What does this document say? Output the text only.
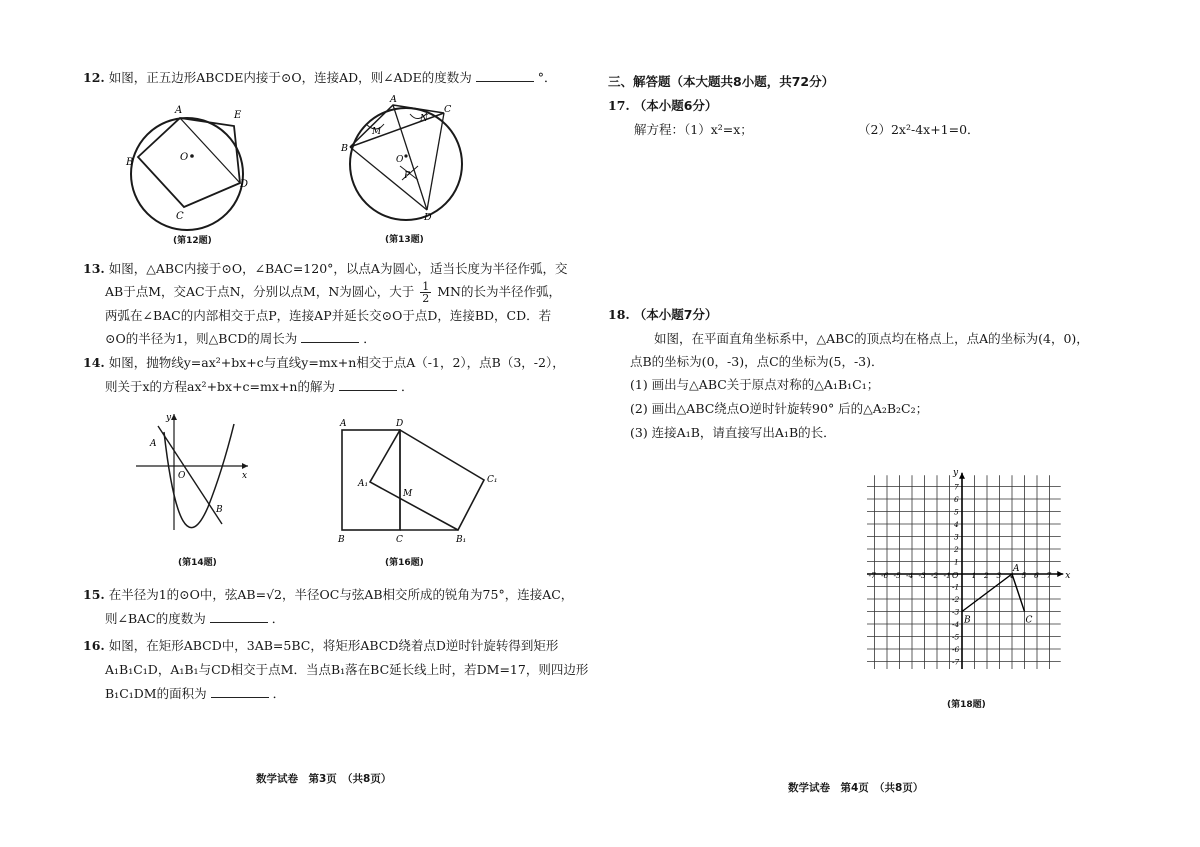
12. 如图，正五边形ABCDE内接于⊙O，连接AD，则∠ADE的度数为	°．
A	E
B	O
D
C
(第12题)
A
C
N
M
B
O
P
D
(第13题)
13. 如图，△ABC内接于⊙O，∠BAC=120°，以点A为圆心，适当长度为半径作弧，交
AB于点M，交AC于点N，分别以点M，N为圆心，大于 $\frac{1}{2}$ MN的长为半径作弧，
两弧在∠BAC的内部相交于点P，连接AP并延长交⊙O于点D，连接BD，CD．若
⊙O的半径为1，则△BCD的周长为	．
14. 如图，抛物线y=ax²+bx+c与直线y=mx+n相交于点A（-1，2），点B（3，-2），
则关于x的方程ax²+bx+c=mx+n的解为	．
y
x
A
O
B
(第14题)
A	D
A₁
M
C₁
B	C	B₁
(第16题)
15. 在半径为1的⊙O中，弦AB=√2，半径OC与弦AB相交所成的锐角为75°，连接AC，
则∠BAC的度数为	．
16. 如图，在矩形ABCD中，3AB=5BC，将矩形ABCD绕着点D逆时针旋转得到矩形
A₁B₁C₁D，A₁B₁与CD相交于点M．当点B₁落在BC延长线上时，若DM=17，则四边形
B₁C₁DM的面积为	．
数学试卷　第3页　（共8页）
三、解答题（本大题共8小题，共72分）
17. （本小题6分）
解方程：（1）x²=x；	（2）2x²-4x+1=0．
18. （本小题7分）
如图，在平面直角坐标系中，△ABC的顶点均在格点上，点A的坐标为(4，0)，
点B的坐标为(0，-3)，点C的坐标为(5，-3)．
(1) 画出与△ABC关于原点对称的△A₁B₁C₁；
(2) 画出△ABC绕点O逆时针旋转90° 后的△A₂B₂C₂；
(3) 连接A₁B，请直接写出A₁B的长．
-7 -6 -5 -4 -3 -2 -1 O 1 2 3 4 5 6 7
7
6
5
4
3
2
1
-1
-2
-3
-4
-5
-6
-7
x
y
A
B	C
(第18题)
数学试卷　第4页　（共8页）
